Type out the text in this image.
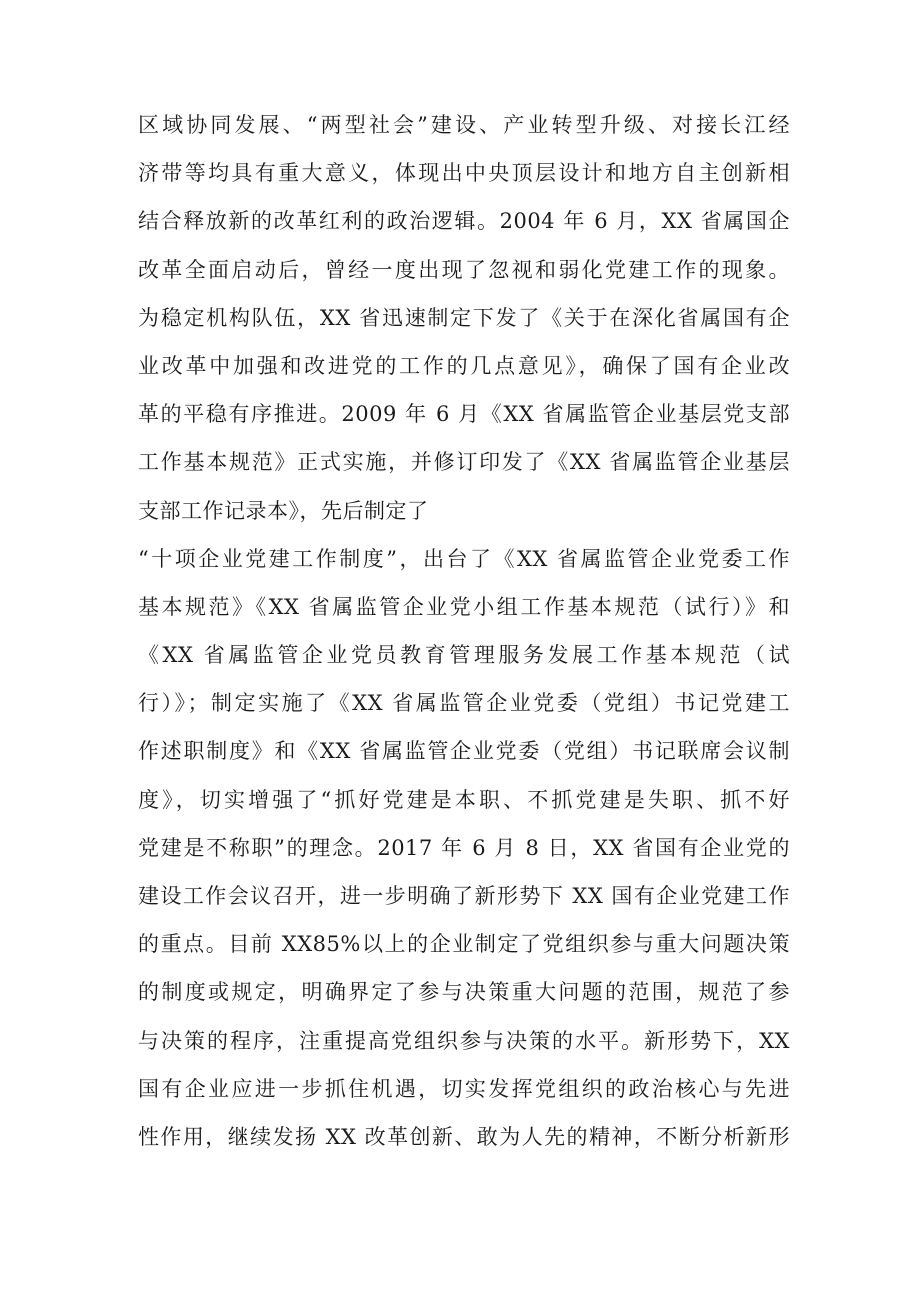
区域协同发展、“两型社会”建设、产业转型升级、对接长江经
济带等均具有重大意义，体现出中央顶层设计和地方自主创新相
结合释放新的改革红利的政治逻辑。2004 年 6 月，XX 省属国企
改革全面启动后，曾经一度出现了忽视和弱化党建工作的现象。
为稳定机构队伍，XX 省迅速制定下发了《关于在深化省属国有企
业改革中加强和改进党的工作的几点意见》，确保了国有企业改
革的平稳有序推进。2009 年 6 月《XX 省属监管企业基层党支部
工作基本规范》正式实施，并修订印发了《XX 省属监管企业基层
支部工作记录本》，先后制定了
“十项企业党建工作制度”，出台了《XX 省属监管企业党委工作
基本规范》《XX 省属监管企业党小组工作基本规范（试行）》和
《XX 省属监管企业党员教育管理服务发展工作基本规范（试
行）》；制定实施了《XX 省属监管企业党委（党组）书记党建工
作述职制度》和《XX 省属监管企业党委（党组）书记联席会议制
度》，切实增强了“抓好党建是本职、不抓党建是失职、抓不好
党建是不称职”的理念。2017 年 6 月 8 日，XX 省国有企业党的
建设工作会议召开，进一步明确了新形势下 XX 国有企业党建工作
的重点。目前 XX85%以上的企业制定了党组织参与重大问题决策
的制度或规定，明确界定了参与决策重大问题的范围，规范了参
与决策的程序，注重提高党组织参与决策的水平。新形势下，XX
国有企业应进一步抓住机遇，切实发挥党组织的政治核心与先进
性作用，继续发扬 XX 改革创新、敢为人先的精神，不断分析新形
